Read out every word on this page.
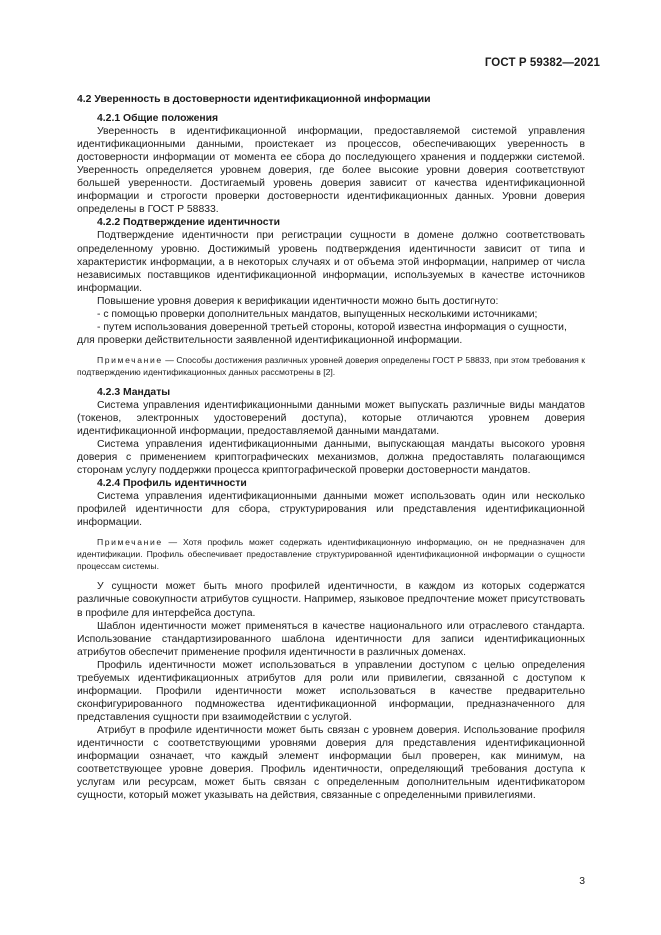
ГОСТ Р 59382—2021
4.2 Уверенность в достоверности идентификационной информации
4.2.1 Общие положения

Уверенность в идентификационной информации, предоставляемой системой управления идентификационными данными, проистекает из процессов, обеспечивающих уверенность в достоверности информации от момента ее сбора до последующего хранения и поддержки системой. Уверенность определяется уровнем доверия, где более высокие уровни доверия соответствуют большей уверенности. Достигаемый уровень доверия зависит от качества идентификационной информации и строгости проверки достоверности идентификационных данных. Уровни доверия определены в ГОСТ Р 58833.

4.2.2 Подтверждение идентичности

Подтверждение идентичности при регистрации сущности в домене должно соответствовать определенному уровню. Достижимый уровень подтверждения идентичности зависит от типа и характеристик информации, а в некоторых случаях и от объема этой информации, например от числа независимых поставщиков идентификационной информации, используемых в качестве источников информации.

Повышение уровня доверия к верификации идентичности можно быть достигнуто:

- с помощью проверки дополнительных мандатов, выпущенных несколькими источниками;

- путем использования доверенной третьей стороны, которой известна информация о сущности,

для проверки действительности заявленной идентификационной информации.

Примечание — Способы достижения различных уровней доверия определены ГОСТ Р 58833, при этом требования к подтверждению идентификационных данных рассмотрены в [2].
4.2.3 Мандаты

Система управления идентификационными данными может выпускать различные виды мандатов (токенов, электронных удостоверений доступа), которые отличаются уровнем доверия идентификационной информации, предоставляемой данными мандатами.

Система управления идентификационными данными, выпускающая мандаты высокого уровня доверия с применением криптографических механизмов, должна предоставлять полагающимся сторонам услугу поддержки процесса криптографической проверки достоверности мандатов.

4.2.4 Профиль идентичности

Система управления идентификационными данными может использовать один или несколько профилей идентичности для сбора, структурирования или представления идентификационной информации.

Примечание — Хотя профиль может содержать идентификационную информацию, он не предназначен для идентификации. Профиль обеспечивает предоставление структурированной идентификационной информации о сущности процессам системы.

У сущности может быть много профилей идентичности, в каждом из которых содержатся различные совокупности атрибутов сущности. Например, языковое предпочтение может присутствовать в профиле для интерфейса доступа.

Шаблон идентичности может применяться в качестве национального или отраслевого стандарта. Использование стандартизированного шаблона идентичности для записи идентификационных атрибутов обеспечит применение профиля идентичности в различных доменах.

Профиль идентичности может использоваться в управлении доступом с целью определения требуемых идентификационных атрибутов для роли или привилегии, связанной с доступом к информации. Профили идентичности может использоваться в качестве предварительно сконфигурированного подмножества идентификационной информации, предназначенного для представления сущности при взаимодействии с услугой.

Атрибут в профиле идентичности может быть связан с уровнем доверия. Использование профиля идентичности с соответствующими уровнями доверия для представления идентификационной информации означает, что каждый элемент информации был проверен, как минимум, на соответствующее уровне доверия. Профиль идентичности, определяющий требования доступа к услугам или ресурсам, может быть связан с определенным дополнительным идентификатором сущности, который может указывать на действия, связанные с определенными привилегиями.

3
